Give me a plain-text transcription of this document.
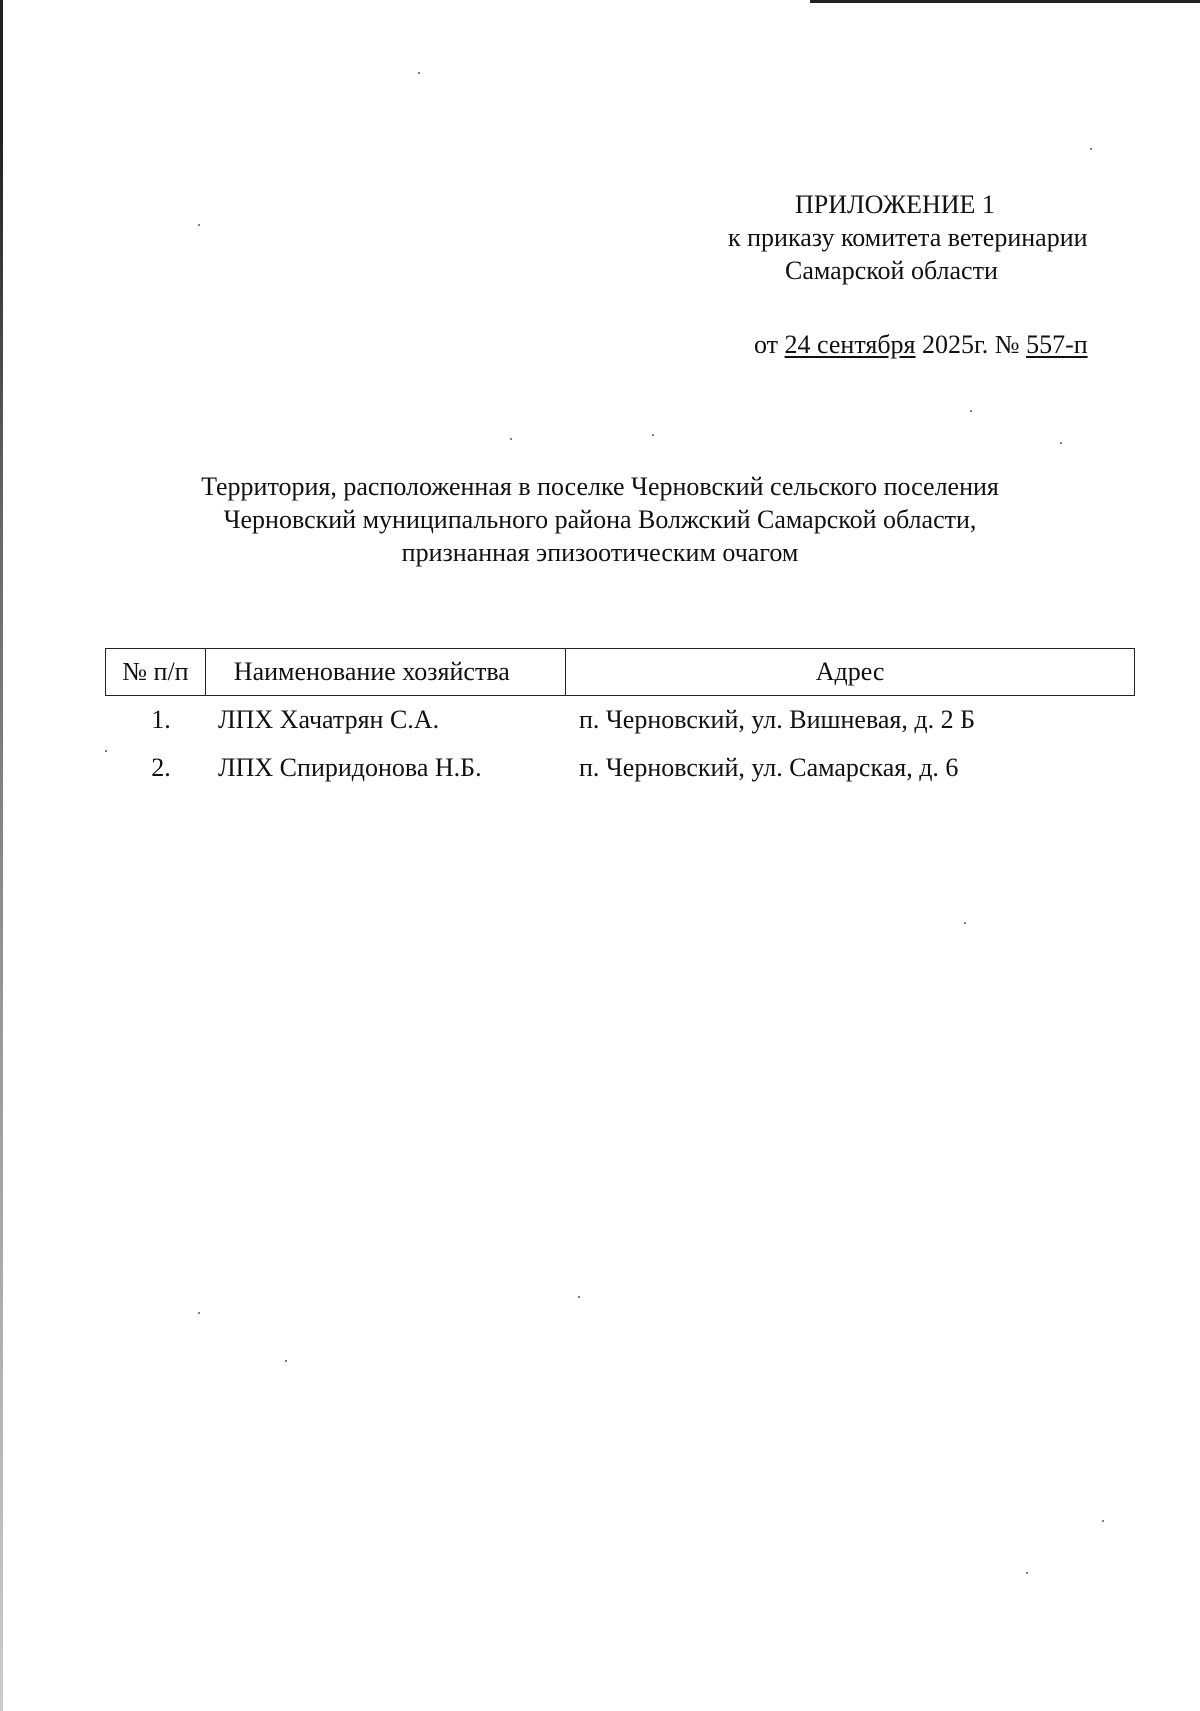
ПРИЛОЖЕНИЕ 1
к приказу комитета ветеринарии
Самарской области
от 24 сентября 2025г. № 557-п
Территория, расположенная в поселке Черновский сельского поселения
Черновский муниципального района Волжский Самарской области,
признанная эпизоотическим очагом
№ п/п	Наименование хозяйства	Адрес
1.	ЛПХ Хачатрян С.А.	п. Черновский, ул. Вишневая, д. 2 Б
2.	ЛПХ Спиридонова Н.Б.	п. Черновский, ул. Самарская, д. 6
